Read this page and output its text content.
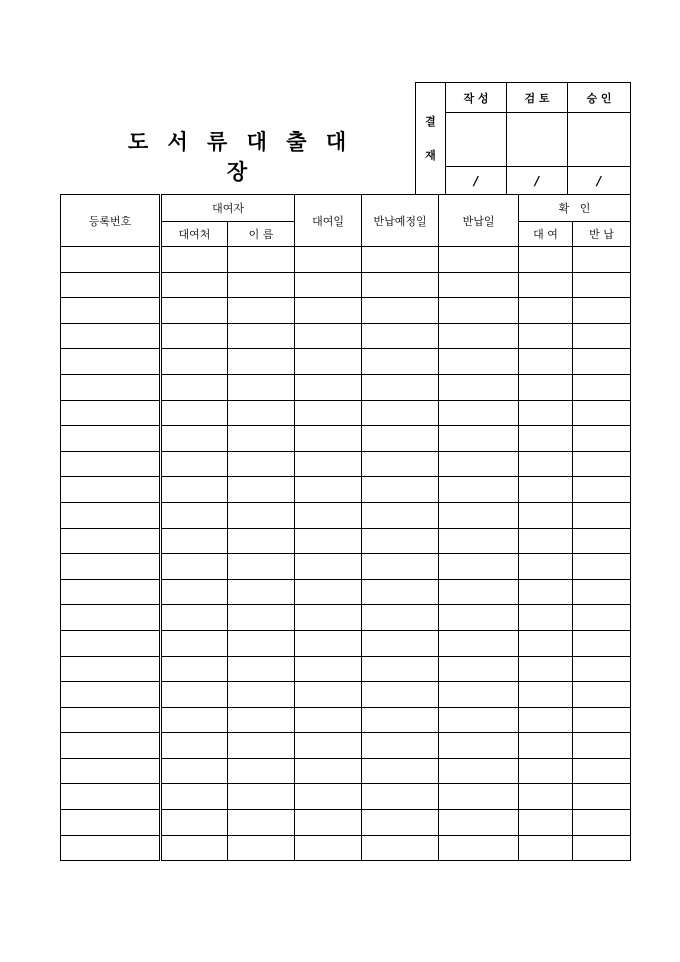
도 서 류 대 출 대 장
결
재	작 성	검 토	승 인

	/	/	/
등록번호	대여자		대여일	반납예정일	반납일	확   인	
	대여처	이 름				대 여	반 납
